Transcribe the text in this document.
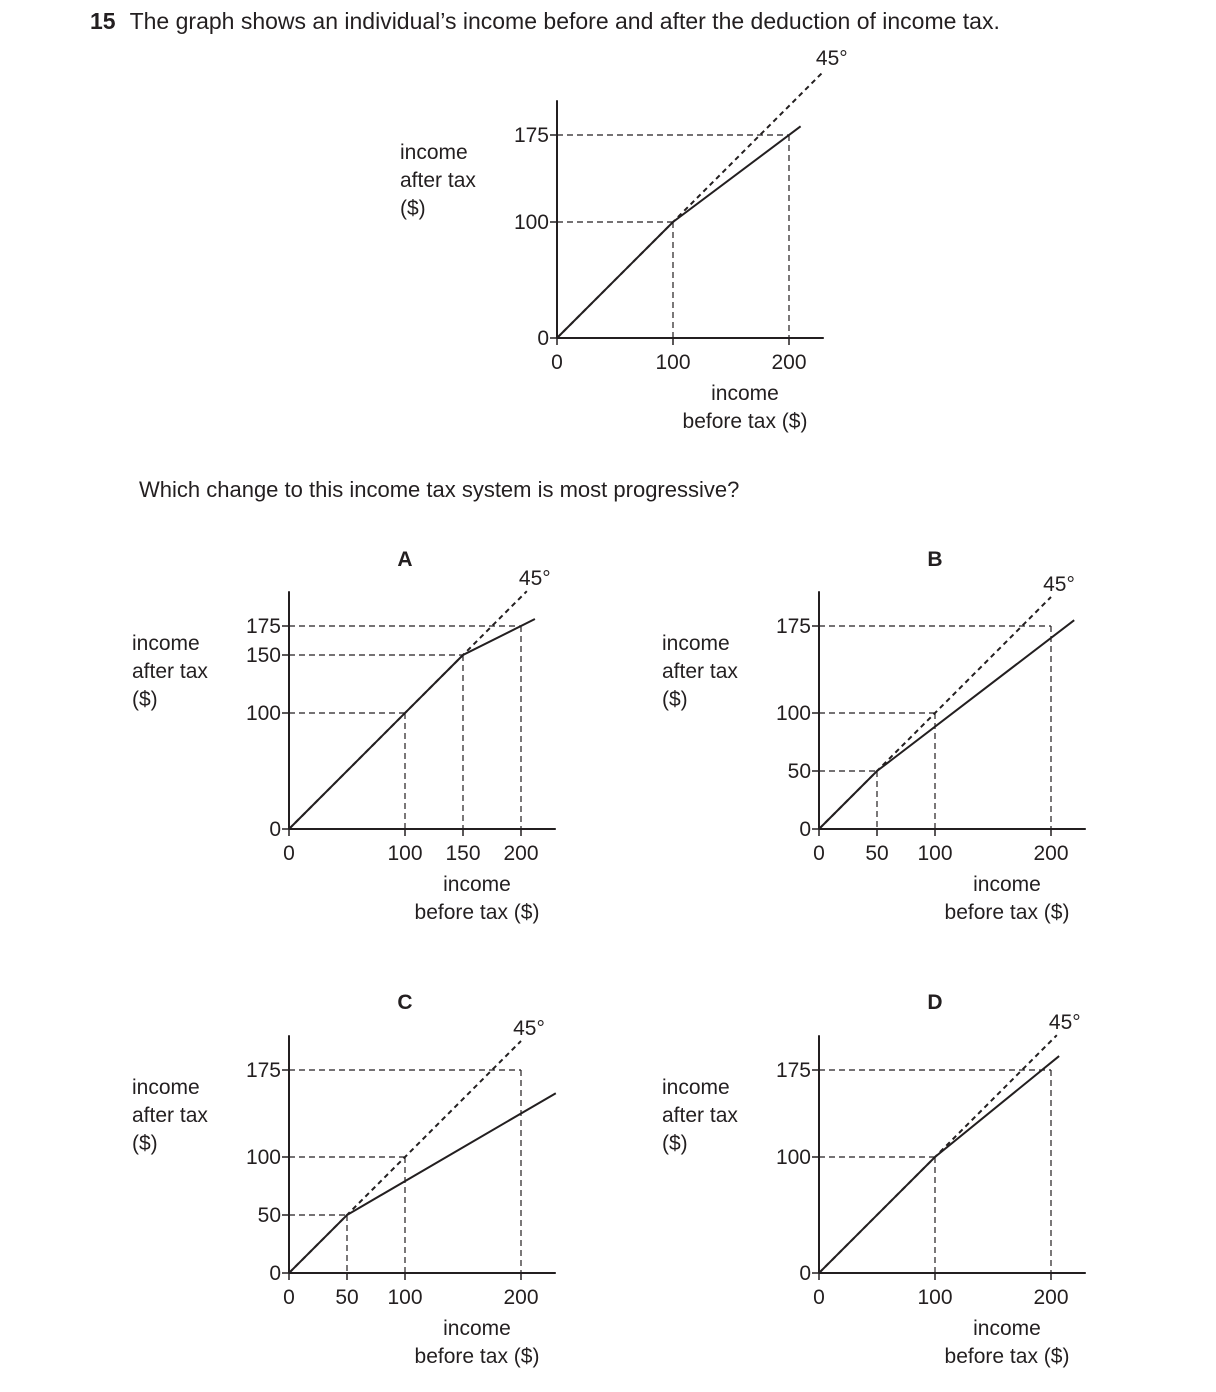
15 The graph shows an individual’s income before and after the deduction of income tax.
Which change to this income tax system is most progressive?
0
100
175
0	100	200
45°
income
after tax
($)
income
before tax ($)
0
100
150
175
0	100 150 200
45°
income
after tax
($)
income
before tax ($)
A
0
50
100
175
0 50 100	200
45°
income
after tax
($)
income
before tax ($)
B
0
50
100
175
0 50 100	200
45°
income
after tax
($)
income
before tax ($)
C
0
100
175
0	100	200
45°
income
after tax
($)
income
before tax ($)
D
